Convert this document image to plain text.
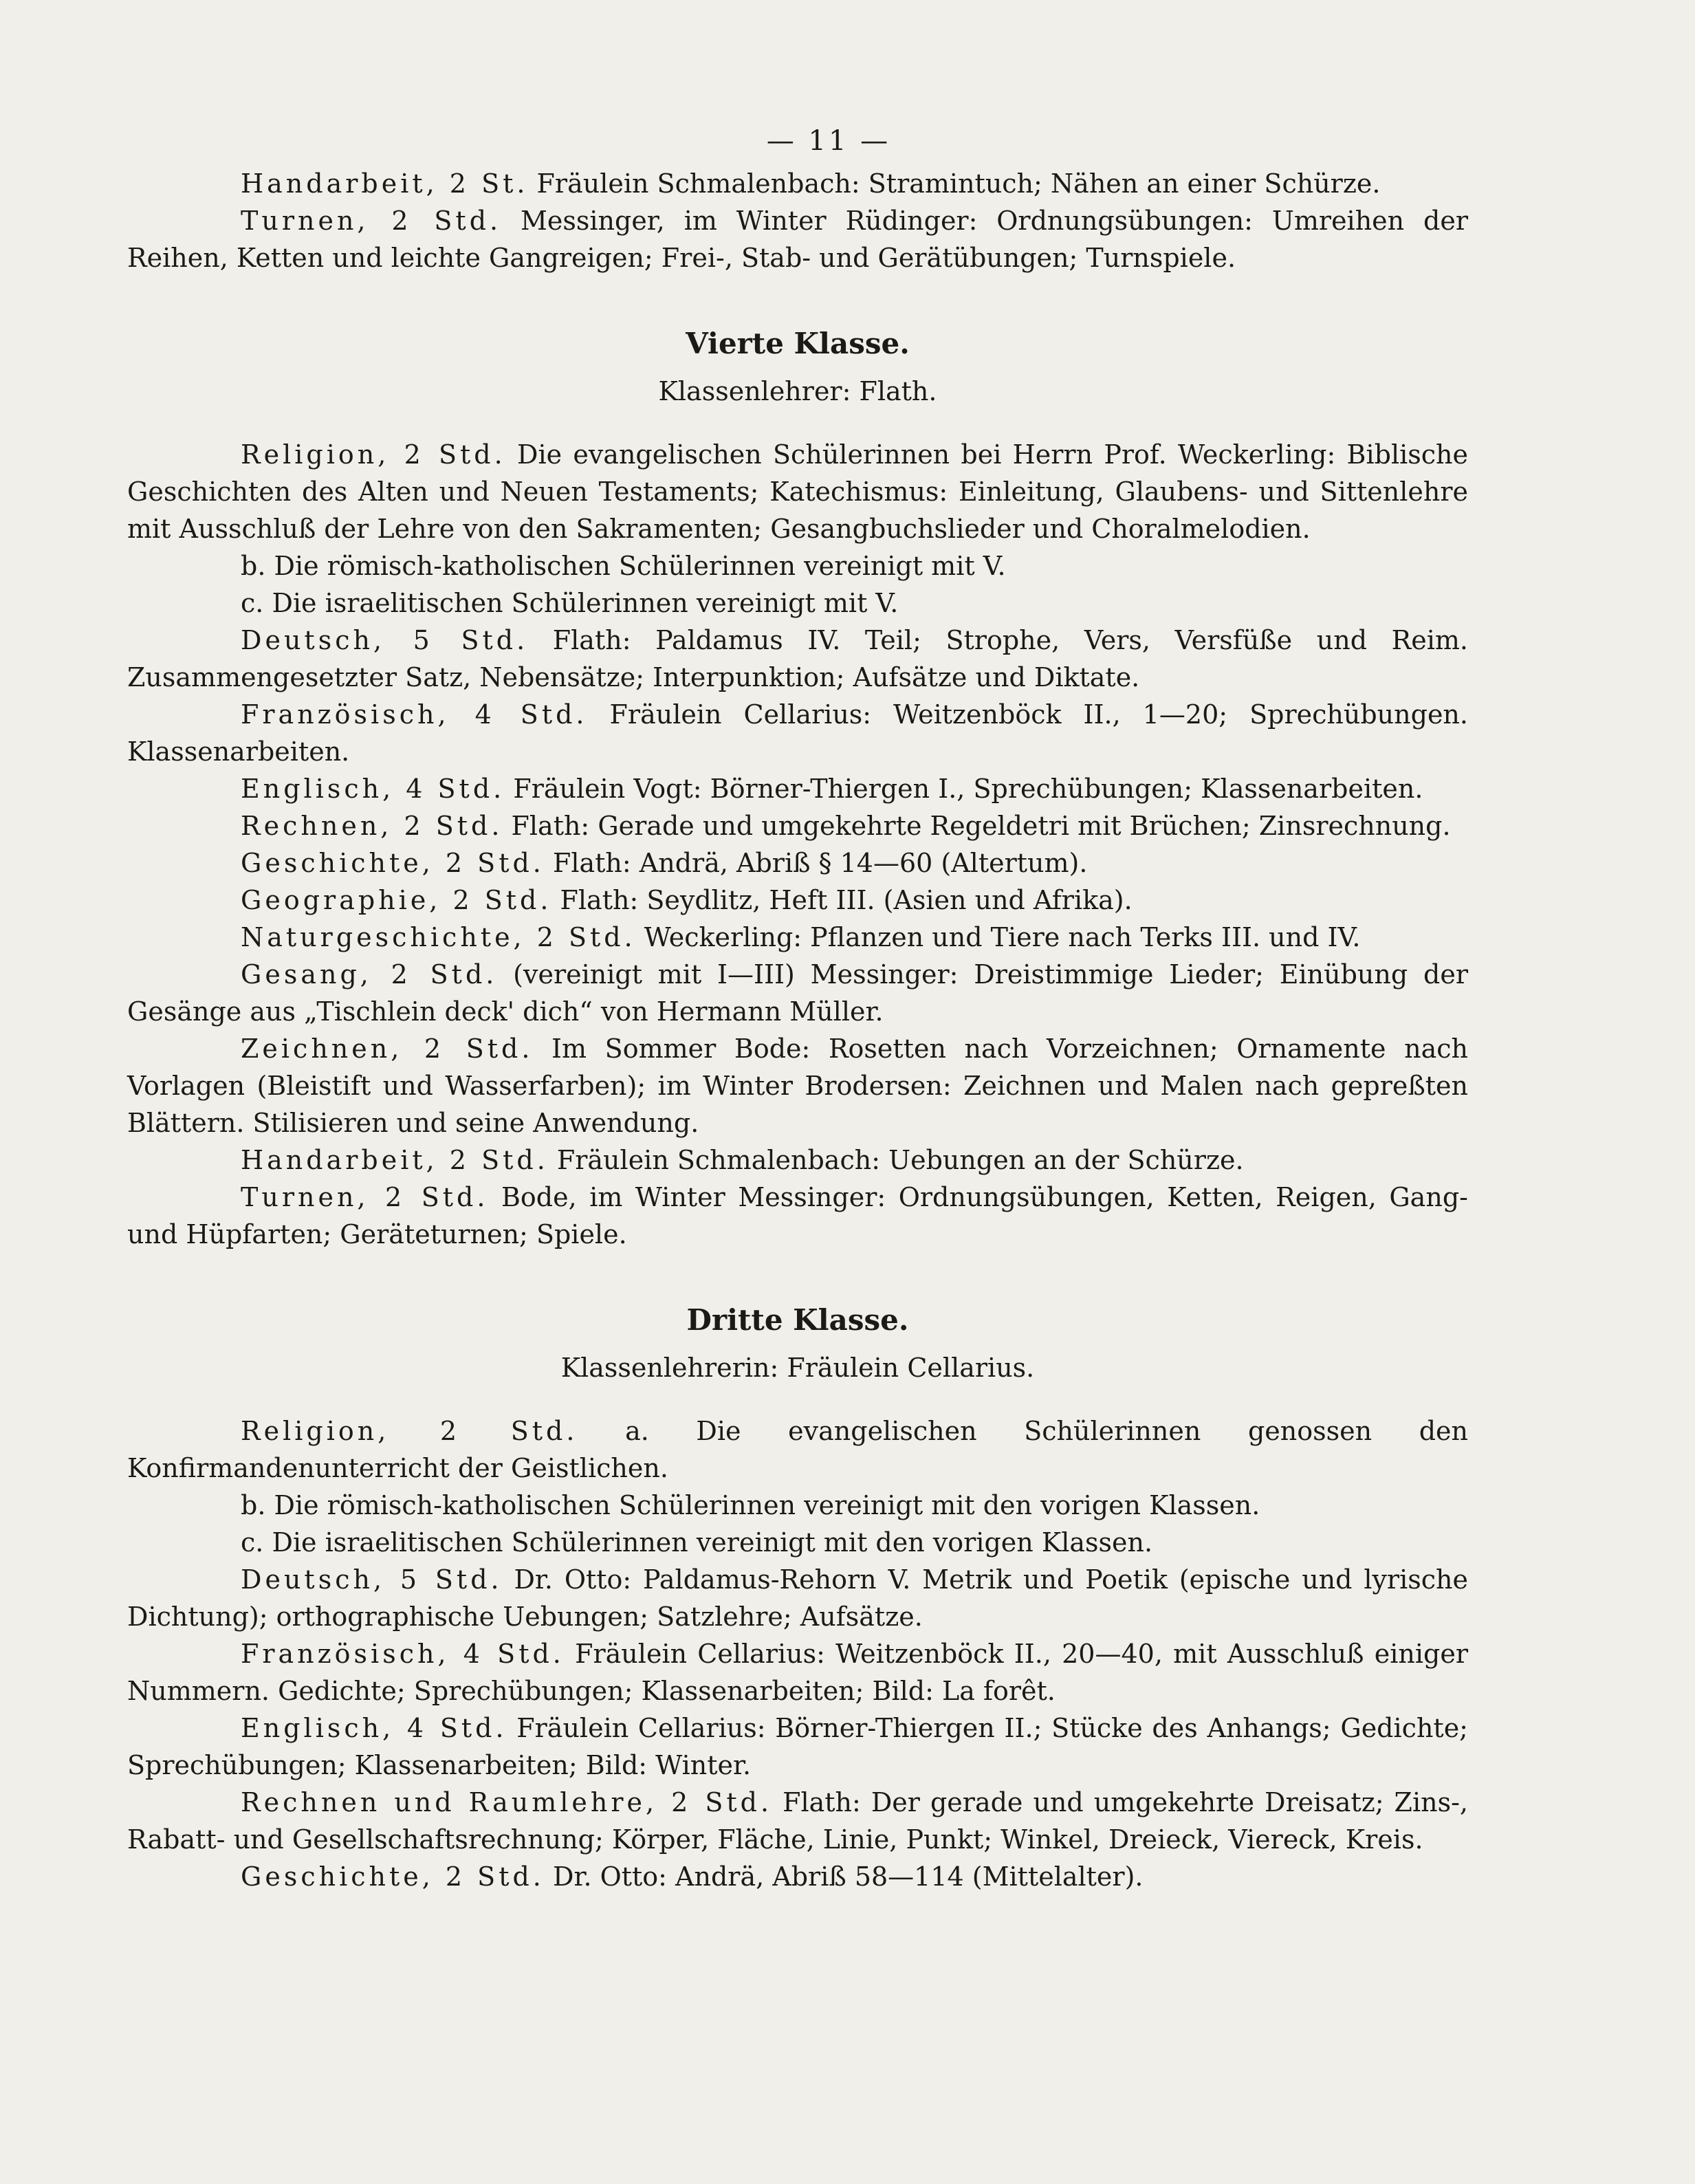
— 11 —

Handarbeit, 2 St. Fräulein Schmalenbach: Stramintuch; Nähen an einer Schürze.

Turnen, 2 Std. Messinger, im Winter Rüdinger: Ordnungsübungen: Umreihen der Reihen, Ketten und leichte Gangreigen; Frei-, Stab- und Gerätübungen; Turnspiele.

Vierte Klasse.
Klassenlehrer: Flath.

Religion, 2 Std. Die evangelischen Schülerinnen bei Herrn Prof. Weckerling: Biblische Geschichten des Alten und Neuen Testaments; Katechismus: Einleitung, Glaubens- und Sittenlehre mit Ausschluß der Lehre von den Sakramenten; Gesangbuchslieder und Choralmelodien.

b. Die römisch-katholischen Schülerinnen vereinigt mit V.

c. Die israelitischen Schülerinnen vereinigt mit V.

Deutsch, 5 Std. Flath: Paldamus IV. Teil; Strophe, Vers, Versfüße und Reim. Zusammengesetzter Satz, Nebensätze; Interpunktion; Aufsätze und Diktate.

Französisch, 4 Std. Fräulein Cellarius: Weitzenböck II., 1—20; Sprechübungen. Klassenarbeiten.

Englisch, 4 Std. Fräulein Vogt: Börner-Thiergen I., Sprechübungen; Klassenarbeiten.

Rechnen, 2 Std. Flath: Gerade und umgekehrte Regeldetri mit Brüchen; Zinsrechnung.

Geschichte, 2 Std. Flath: Andrä, Abriß § 14—60 (Altertum).

Geographie, 2 Std. Flath: Seydlitz, Heft III. (Asien und Afrika).

Naturgeschichte, 2 Std. Weckerling: Pflanzen und Tiere nach Terks III. und IV.

Gesang, 2 Std. (vereinigt mit I—III) Messinger: Dreistimmige Lieder; Einübung der Gesänge aus „Tischlein deck' dich“ von Hermann Müller.

Zeichnen, 2 Std. Im Sommer Bode: Rosetten nach Vorzeichnen; Ornamente nach Vorlagen (Bleistift und Wasserfarben); im Winter Brodersen: Zeichnen und Malen nach gepreßten Blättern. Stilisieren und seine Anwendung.

Handarbeit, 2 Std. Fräulein Schmalenbach: Uebungen an der Schürze.

Turnen, 2 Std. Bode, im Winter Messinger: Ordnungsübungen, Ketten, Reigen, Gang- und Hüpfarten; Geräteturnen; Spiele.

Dritte Klasse.
Klassenlehrerin: Fräulein Cellarius.

Religion, 2 Std. a. Die evangelischen Schülerinnen genossen den Konfirmandenunterricht der Geistlichen.

b. Die römisch-katholischen Schülerinnen vereinigt mit den vorigen Klassen.

c. Die israelitischen Schülerinnen vereinigt mit den vorigen Klassen.

Deutsch, 5 Std. Dr. Otto: Paldamus-Rehorn V. Metrik und Poetik (epische und lyrische Dichtung); orthographische Uebungen; Satzlehre; Aufsätze.

Französisch, 4 Std. Fräulein Cellarius: Weitzenböck II., 20—40, mit Ausschluß einiger Nummern. Gedichte; Sprechübungen; Klassenarbeiten; Bild: La forêt.

Englisch, 4 Std. Fräulein Cellarius: Börner-Thiergen II.; Stücke des Anhangs; Gedichte; Sprechübungen; Klassenarbeiten; Bild: Winter.

Rechnen und Raumlehre, 2 Std. Flath: Der gerade und umgekehrte Dreisatz; Zins-, Rabatt- und Gesellschaftsrechnung; Körper, Fläche, Linie, Punkt; Winkel, Dreieck, Viereck, Kreis.

Geschichte, 2 Std. Dr. Otto: Andrä, Abriß 58—114 (Mittelalter).
